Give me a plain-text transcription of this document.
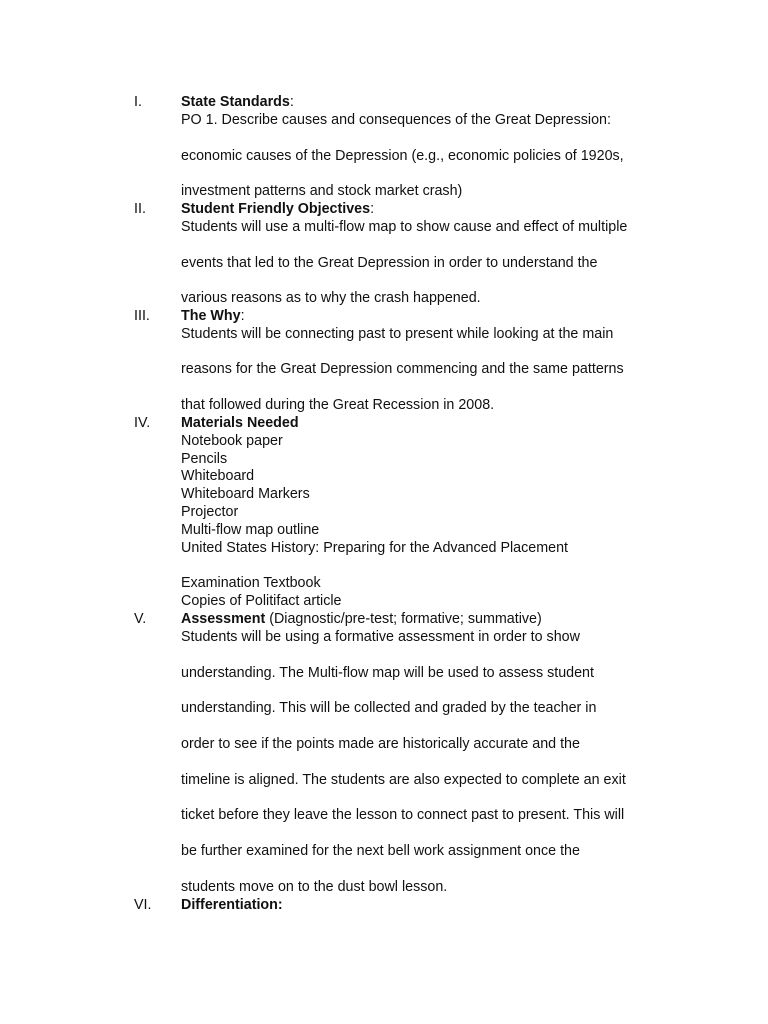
I.	State Standards:
PO 1. Describe causes and consequences of the Great Depression:
economic causes of the Depression (e.g., economic policies of 1920s,
investment patterns and stock market crash)
II. Student Friendly Objectives:
Students will use a multi-flow map to show cause and effect of multiple
events that led to the Great Depression in order to understand the
various reasons as to why the crash happened.
III. The Why:
Students will be connecting past to present while looking at the main
reasons for the Great Depression commencing and the same patterns
that followed during the Great Recession in 2008.
IV. Materials Needed
Notebook paper
Pencils
Whiteboard
Whiteboard Markers
Projector
Multi-flow map outline
United States History: Preparing for the Advanced Placement
Examination Textbook
Copies of Politifact article
V. Assessment (Diagnostic/pre-test; formative; summative)
Students will be using a formative assessment in order to show
understanding. The Multi-flow map will be used to assess student
understanding. This will be collected and graded by the teacher in
order to see if the points made are historically accurate and the
timeline is aligned. The students are also expected to complete an exit
ticket before they leave the lesson to connect past to present. This will
be further examined for the next bell work assignment once the
students move on to the dust bowl lesson.
VI. Differentiation:
